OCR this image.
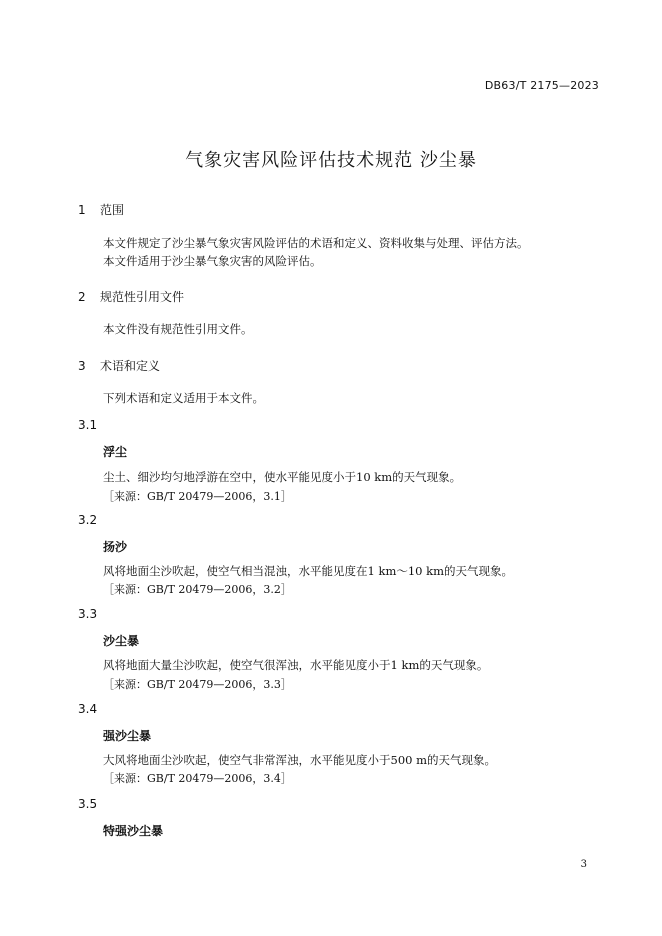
DB63/T 2175—2023
气象灾害风险评估技术规范 沙尘暴
1 范围
本文件规定了沙尘暴气象灾害风险评估的术语和定义、资料收集与处理、评估方法。
本文件适用于沙尘暴气象灾害的风险评估。
2 规范性引用文件
本文件没有规范性引用文件。
3 术语和定义
下列术语和定义适用于本文件。
3.1
浮尘
尘土、细沙均匀地浮游在空中，使水平能见度小于10 km的天气现象。
［来源：GB/T 20479—2006，3.1］
3.2
扬沙
风将地面尘沙吹起，使空气相当混浊，水平能见度在1 km～10 km的天气现象。
［来源：GB/T 20479—2006，3.2］
3.3
沙尘暴
风将地面大量尘沙吹起，使空气很浑浊，水平能见度小于1 km的天气现象。
［来源：GB/T 20479—2006，3.3］
3.4
强沙尘暴
大风将地面尘沙吹起，使空气非常浑浊，水平能见度小于500 m的天气现象。
［来源：GB/T 20479—2006，3.4］
3.5
特强沙尘暴
3
